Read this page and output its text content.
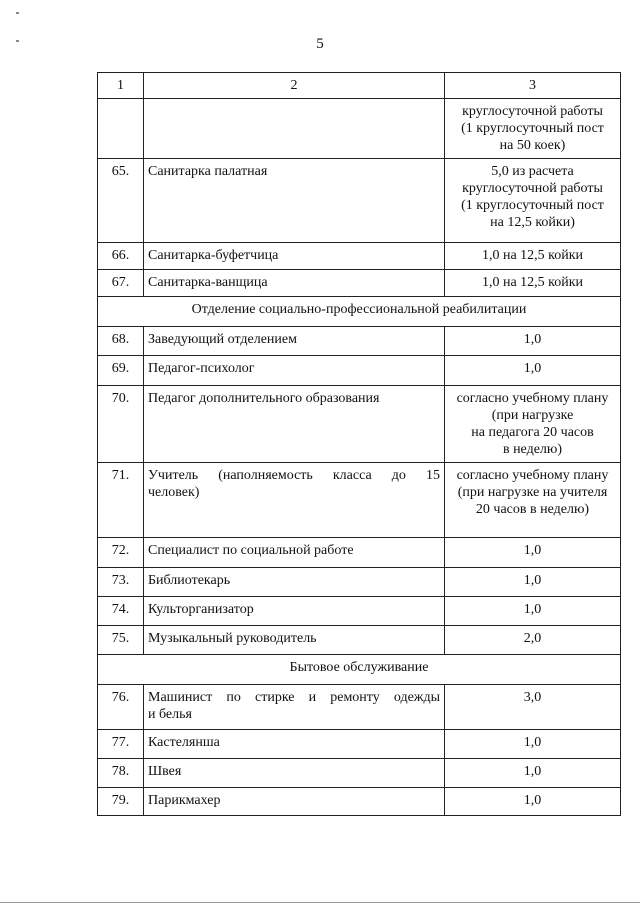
5
1	2	3

		круглосуточной работы
(1 круглосуточный пост
на 50 коек)

65.	Санитарка палатная	5,0 из расчета
круглосуточной работы
(1 круглосуточный пост
на 12,5 койки)

66.	Санитарка-буфетчица	1,0 на 12,5 койки

67.	Санитарка-ванщица	1,0 на 12,5 койки

Отделение социально-профессиональной реабилитации		
68.	Заведующий отделением	1,0

69.	Педагог-психолог	1,0

70.	Педагог дополнительного образования	согласно учебному плану
(при нагрузке
на педагога 20 часов
в неделю)

71.	Учитель (наполняемость класса до 15
человек)	согласно учебному плану
(при нагрузке на учителя
20 часов в неделю)

72.	Специалист по социальной работе	1,0

73.	Библиотекарь	1,0

74.	Культорганизатор	1,0

75.	Музыкальный руководитель	2,0

Бытовое обслуживание		
76.	Машинист по стирке и ремонту одежды
и белья	3,0

77.	Кастелянша	1,0

78.	Швея	1,0

79.	Парикмахер	1,0
